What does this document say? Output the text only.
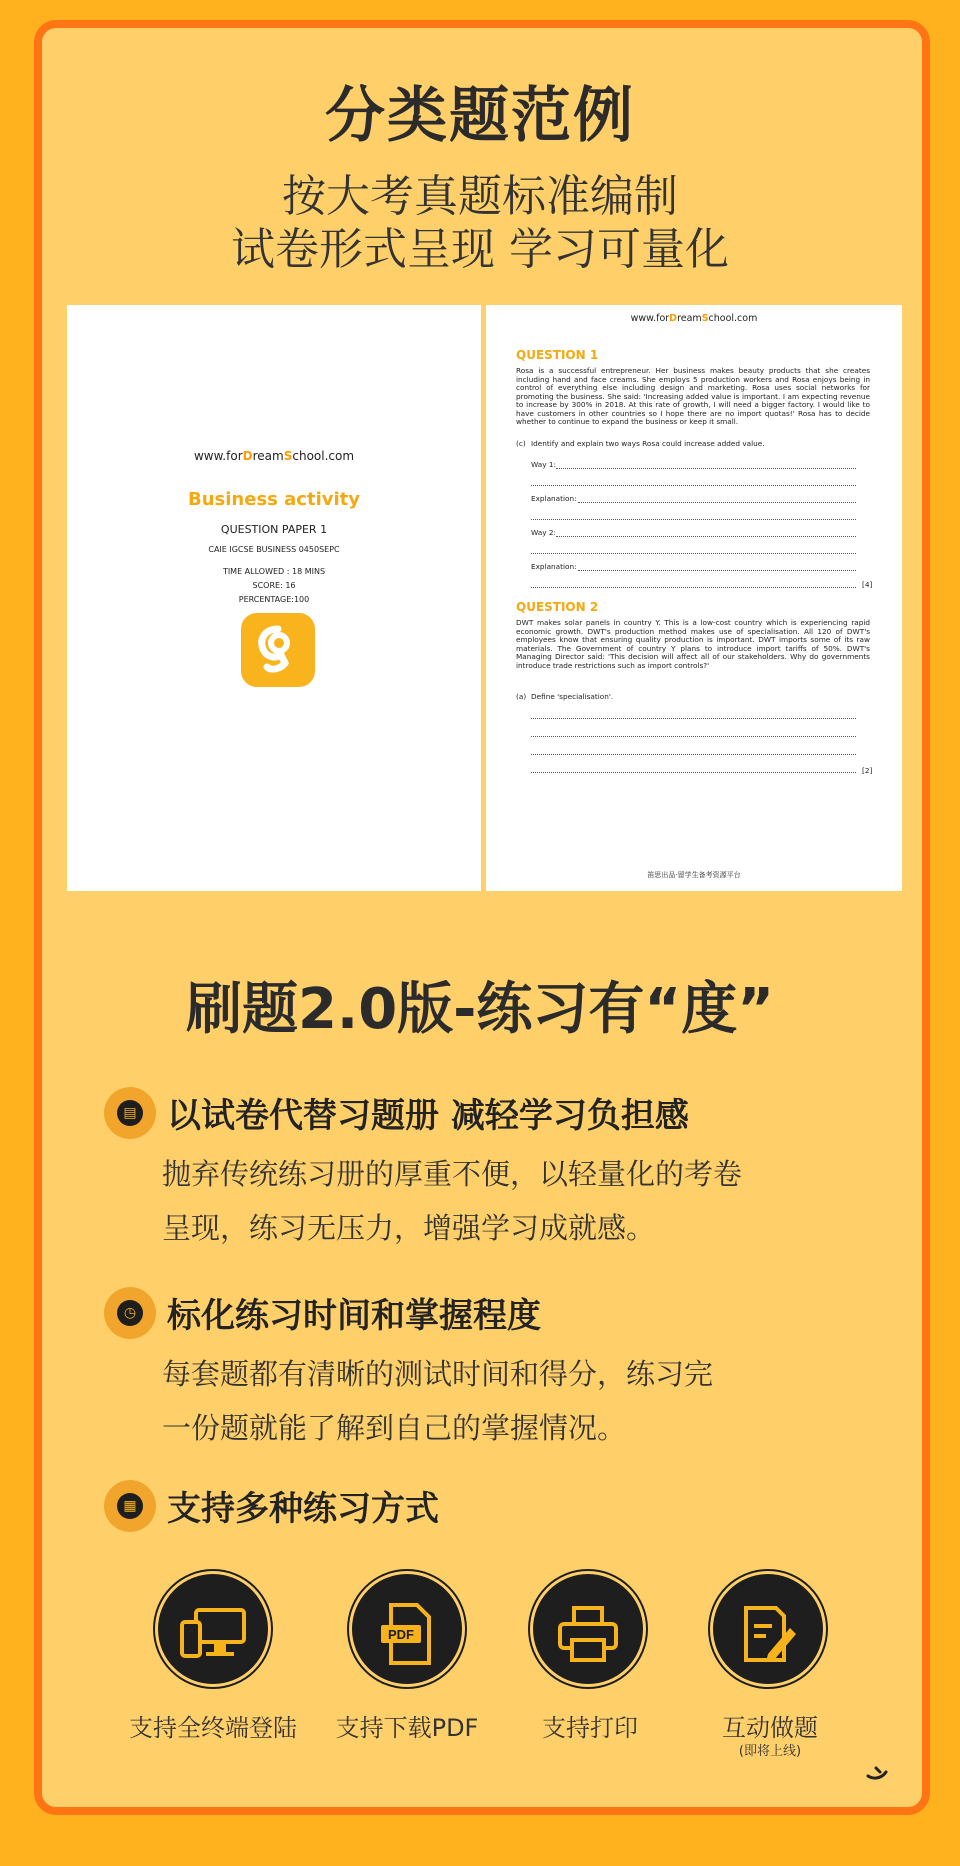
分类题范例
按大考真题标准编制
试卷形式呈现 学习可量化
www.forDreamSchool.com
Business activity
QUESTION PAPER 1
CAIE IGCSE BUSINESS 0450SEPC
TIME ALLOWED : 18 MINS
SCORE: 16
PERCENTAGE:100
www.forDreamSchool.com
QUESTION 1
Rosa is a successful entrepreneur. Her business makes beauty products that she creates including hand and face creams. She employs 5 production workers and Rosa enjoys being in control of everything else including design and marketing. Rosa uses social networks for promoting the business. She said: 'Increasing added value is important. I am expecting revenue to increase by 300% in 2018. At this rate of growth, I will need a bigger factory. I would like to have customers in other countries so I hope there are no import quotas!' Rosa has to decide whether to continue to expand the business or keep it small.
(c) Identify and explain two ways Rosa could increase added value.
Way 1:
Explanation:
Way 2:
Explanation:
[4]
QUESTION 2
DWT makes solar panels in country Y. This is a low-cost country which is experiencing rapid economic growth. DWT's production method makes use of specialisation. All 120 of DWT's employees know that ensuring quality production is important. DWT imports some of its raw materials. The Government of country Y plans to introduce import tariffs of 50%. DWT's Managing Director said: 'This decision will affect all of our stakeholders. Why do governments introduce trade restrictions such as import controls?'
(a) Define 'specialisation'.
[2]
笛思出品·留学生备考资源平台
刷题2.0版-练习有“度”
▤ 以试卷代替习题册 减轻学习负担感
抛弃传统练习册的厚重不便，以轻量化的考卷
呈现，练习无压力，增强学习成就感。
◷ 标化练习时间和掌握程度
每套题都有清晰的测试时间和得分，练习完
一份题就能了解到自己的掌握情况。
▦ 支持多种练习方式
PDF
支持全终端登陆	支持下载PDF	支持打印	互动做题
(即将上线)
